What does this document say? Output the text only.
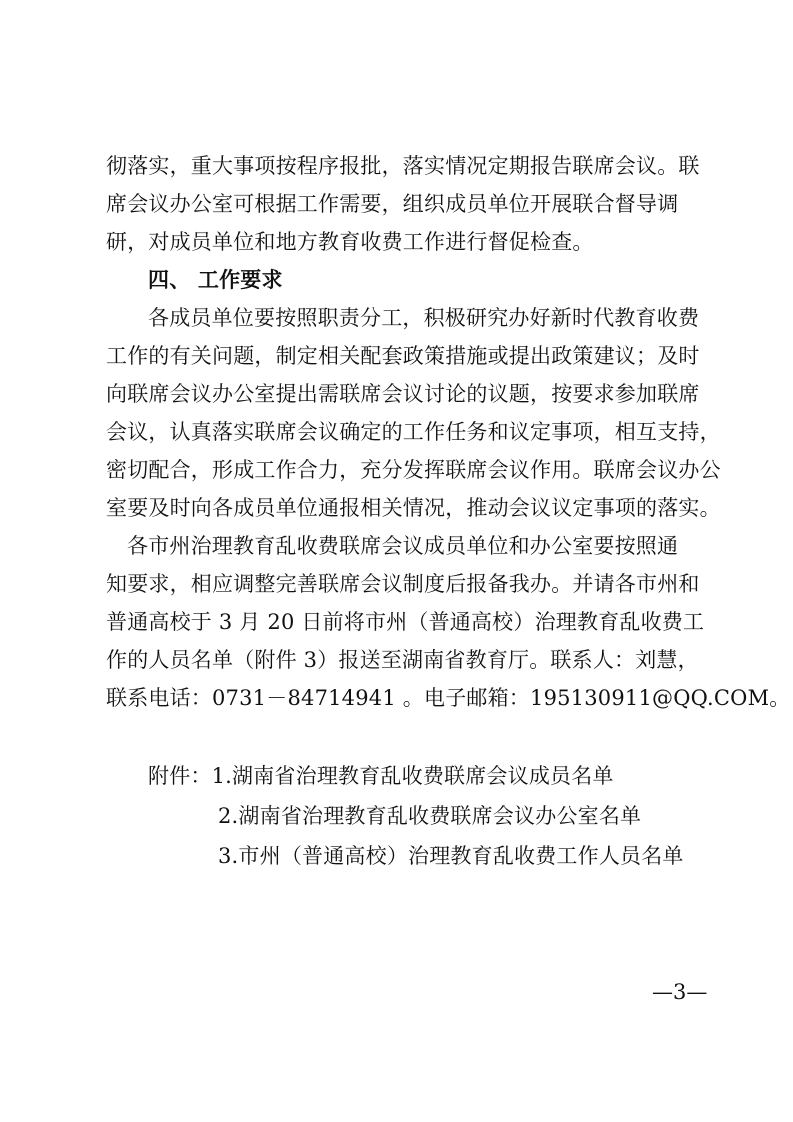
彻落实，重大事项按程序报批，落实情况定期报告联席会议。联
席会议办公室可根据工作需要，组织成员单位开展联合督导调
研，对成员单位和地方教育收费工作进行督促检查。
四、 工作要求
各成员单位要按照职责分工，积极研究办好新时代教育收费
工作的有关问题，制定相关配套政策措施或提出政策建议；及时
向联席会议办公室提出需联席会议讨论的议题，按要求参加联席
会议，认真落实联席会议确定的工作任务和议定事项，相互支持，
密切配合，形成工作合力，充分发挥联席会议作用。联席会议办公
室要及时向各成员单位通报相关情况，推动会议议定事项的落实。
各市州治理教育乱收费联席会议成员单位和办公室要按照通
知要求，相应调整完善联席会议制度后报备我办。并请各市州和
普通高校于 3 月 20 日前将市州（普通高校）治理教育乱收费工
作的人员名单（附件 3）报送至湖南省教育厅。联系人：刘慧，
联系电话：0731－84714941 。电子邮箱：195130911@QQ.COM。
附件：1.湖南省治理教育乱收费联席会议成员名单
2.湖南省治理教育乱收费联席会议办公室名单
3.市州（普通高校）治理教育乱收费工作人员名单
—3—
